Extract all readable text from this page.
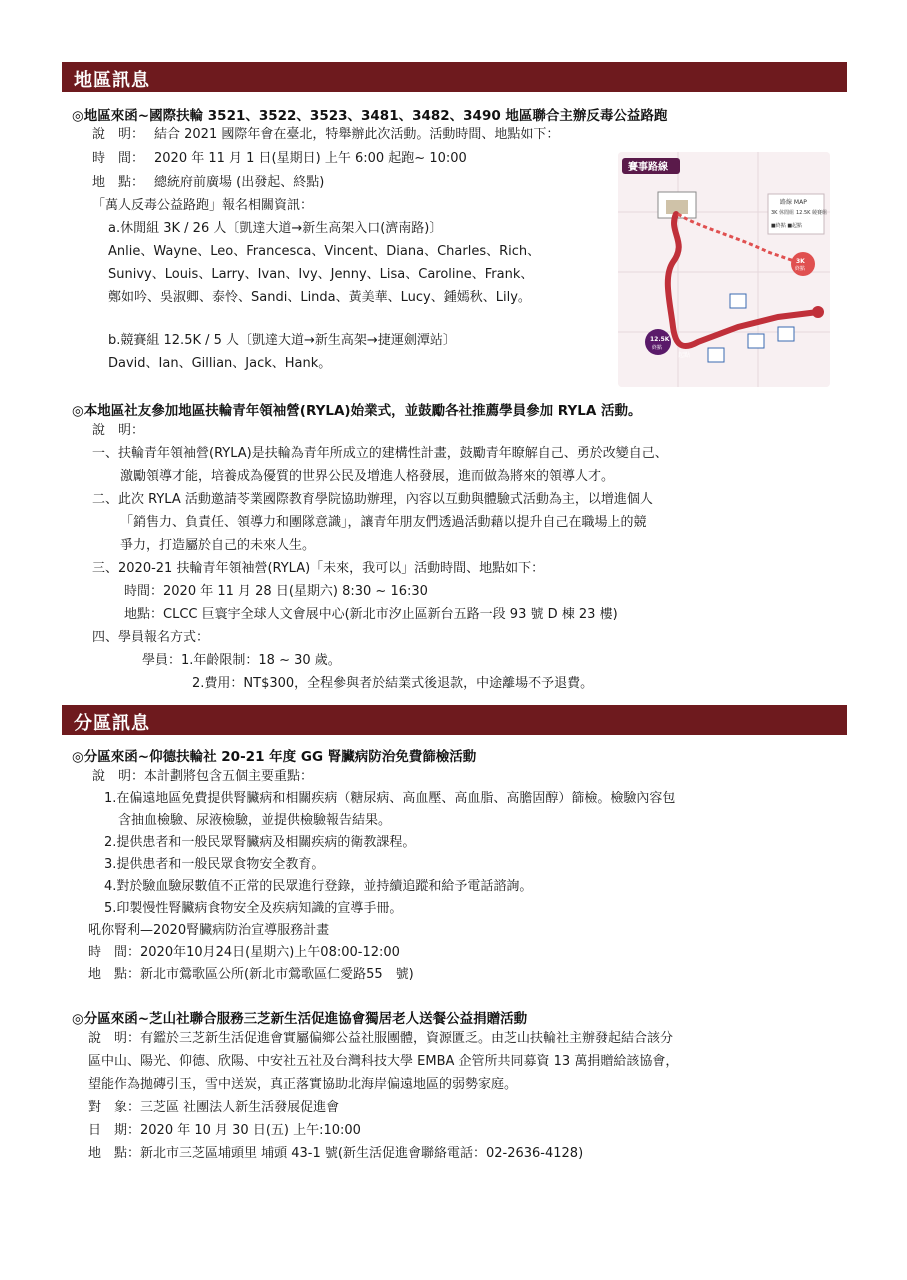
地區訊息
◎地區來函~國際扶輪 3521、3522、3523、3481、3482、3490 地區聯合主辦反毒公益路跑
說　明： 結合 2021 國際年會在臺北，特舉辦此次活動。活動時間、地點如下：
時　間： 2020 年 11 月 1 日(星期日) 上午 6:00 起跑~ 10:00
地　點： 總統府前廣場 (出發起、終點)
「萬人反毒公益路跑」報名相關資訊：
a.休閒組 3K / 26 人〔凱達大道→新生高架入口(濟南路)〕
Anlie、Wayne、Leo、Francesca、Vincent、Diana、Charles、Rich、
Sunivy、Louis、Larry、Ivan、Ivy、Jenny、Lisa、Caroline、Frank、
鄭如吟、吳淑卿、泰怜、Sandi、Linda、黃美華、Lucy、鍾嫣秋、Lily。
b.競賽組 12.5K / 5 人〔凱達大道→新生高架→捷運劍潭站〕
David、Ian、Gillian、Jack、Hank。
賽事路線
路線 MAP
3K 休閒組 12.5K 競賽組
■終點 ■起點
3K
終點
12.5K
終點
起點
◎本地區社友參加地區扶輪青年領袖營(RYLA)始業式，並鼓勵各社推薦學員參加 RYLA 活動。
說　明：
一、扶輪青年領袖營(RYLA)是扶輪為青年所成立的建構性計畫，鼓勵青年瞭解自己、勇於改變自己、
激勵領導才能，培養成為優質的世界公民及增進人格發展，進而做為將來的領導人才。
二、此次 RYLA 活動邀請苓業國際教育學院協助辦理，內容以互動與體驗式活動為主，以增進個人
「銷售力、負責任、領導力和團隊意識」，讓青年朋友們透過活動藉以提升自己在職場上的競
爭力，打造屬於自己的未來人生。
三、2020-21 扶輪青年領袖營(RYLA)「未來，我可以」活動時間、地點如下：
時間：2020 年 11 月 28 日(星期六) 8:30 ~ 16:30
地點：CLCC 巨寰宇全球人文會展中心(新北市汐止區新台五路一段 93 號 D 棟 23 樓)
四、學員報名方式：
學員：1.年齡限制：18 ~ 30 歲。
2.費用：NT$300，全程參與者於結業式後退款，中途離場不予退費。
分區訊息
◎分區來函~仰德扶輪社 20-21 年度 GG 腎臟病防治免費篩檢活動
說　明：本計劃將包含五個主要重點：
1.在偏遠地區免費提供腎臟病和相關疾病（糖尿病、高血壓、高血脂、高膽固醇）篩檢。檢驗內容包
含抽血檢驗、尿液檢驗，並提供檢驗報告結果。
2.提供患者和一般民眾腎臟病及相關疾病的衛教課程。
3.提供患者和一般民眾食物安全教育。
4.對於驗血驗尿數值不正常的民眾進行登錄，並持續追蹤和給予電話諮詢。
5.印製慢性腎臟病食物安全及疾病知識的宣導手冊。
吼你腎利—2020腎臟病防治宣導服務計畫
時　間：2020年10月24日(星期六)上午08:00-12:00
地　點：新北市鶯歌區公所(新北市鶯歌區仁愛路55　號)
◎分區來函~芝山社聯合服務三芝新生活促進協會獨居老人送餐公益捐贈活動
說　明：有鑑於三芝新生活促進會實屬偏鄉公益社服團體，資源匱乏。由芝山扶輪社主辦發起結合該分
區中山、陽光、仰德、欣陽、中安社五社及台灣科技大學 EMBA 企管所共同募資 13 萬捐贈給該協會，
望能作為拋磚引玉，雪中送炭，真正落實協助北海岸偏遠地區的弱勢家庭。
對　象：三芝區 社團法人新生活發展促進會
日　期：2020 年 10 月 30 日(五) 上午:10:00
地　點：新北市三芝區埔頭里 埔頭 43-1 號(新生活促進會聯絡電話：02-2636-4128)
